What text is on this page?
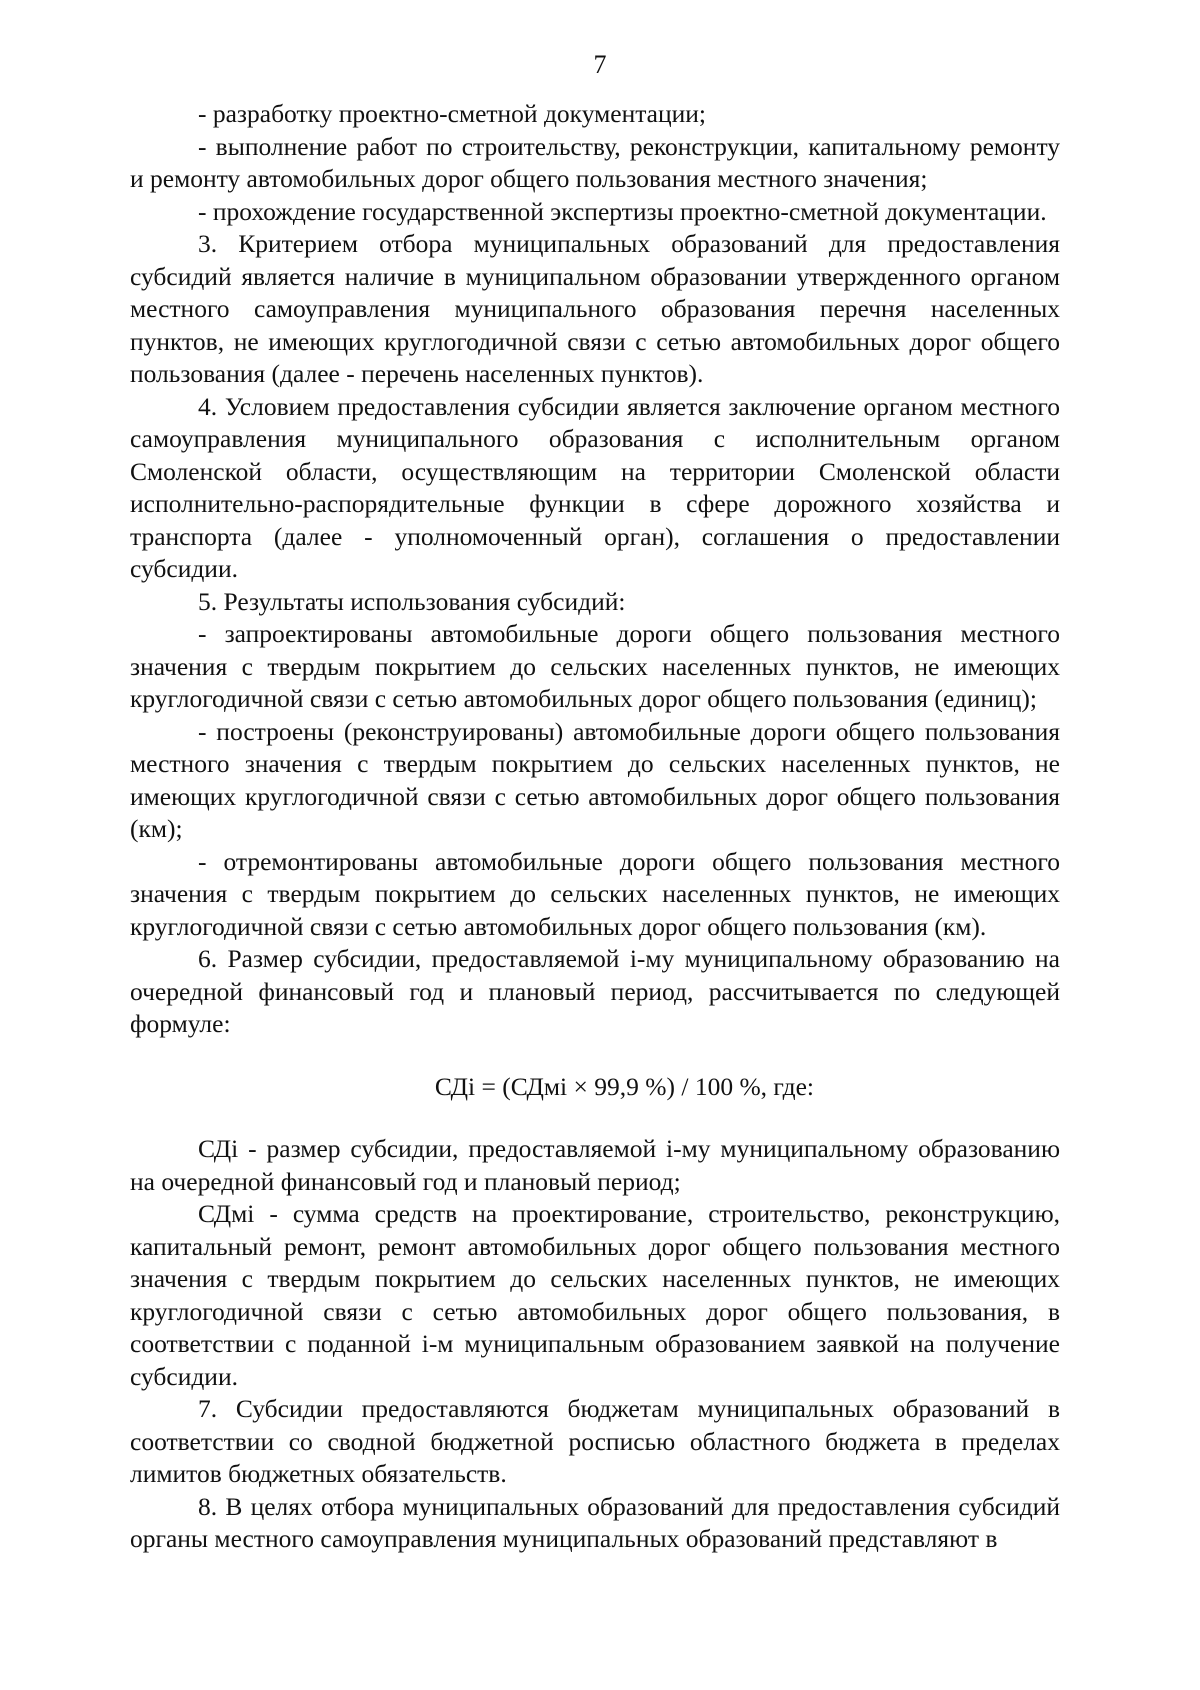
7

- разработку проектно-сметной документации;

- выполнение работ по строительству, реконструкции, капитальному ремонту и ремонту автомобильных дорог общего пользования местного значения;

- прохождение государственной экспертизы проектно-сметной документации.

3. Критерием отбора муниципальных образований для предоставления субсидий является наличие в муниципальном образовании утвержденного органом местного самоуправления муниципального образования перечня населенных пунктов, не имеющих круглогодичной связи с сетью автомобильных дорог общего пользования (далее - перечень населенных пунктов).

4. Условием предоставления субсидии является заключение органом местного самоуправления муниципального образования с исполнительным органом Смоленской области, осуществляющим на территории Смоленской области исполнительно-распорядительные функции в сфере дорожного хозяйства и транспорта (далее - уполномоченный орган), соглашения о предоставлении субсидии.

5. Результаты использования субсидий:

- запроектированы автомобильные дороги общего пользования местного значения с твердым покрытием до сельских населенных пунктов, не имеющих круглогодичной связи с сетью автомобильных дорог общего пользования (единиц);

- построены (реконструированы) автомобильные дороги общего пользования местного значения с твердым покрытием до сельских населенных пунктов, не имеющих круглогодичной связи с сетью автомобильных дорог общего пользования (км);

- отремонтированы автомобильные дороги общего пользования местного значения с твердым покрытием до сельских населенных пунктов, не имеющих круглогодичной связи с сетью автомобильных дорог общего пользования (км).

6. Размер субсидии, предоставляемой i-му муниципальному образованию на очередной финансовый год и плановый период, рассчитывается по следующей формуле:

СДi = (СДмi × 99,9 %) / 100 %, где:

СДi - размер субсидии, предоставляемой i-му муниципальному образованию на очередной финансовый год и плановый период;

СДмi - сумма средств на проектирование, строительство, реконструкцию, капитальный ремонт, ремонт автомобильных дорог общего пользования местного значения с твердым покрытием до сельских населенных пунктов, не имеющих круглогодичной связи с сетью автомобильных дорог общего пользования, в соответствии с поданной i-м муниципальным образованием заявкой на получение субсидии.

7. Субсидии предоставляются бюджетам муниципальных образований в соответствии со сводной бюджетной росписью областного бюджета в пределах лимитов бюджетных обязательств.

8. В целях отбора муниципальных образований для предоставления субсидий органы местного самоуправления муниципальных образований представляют в
